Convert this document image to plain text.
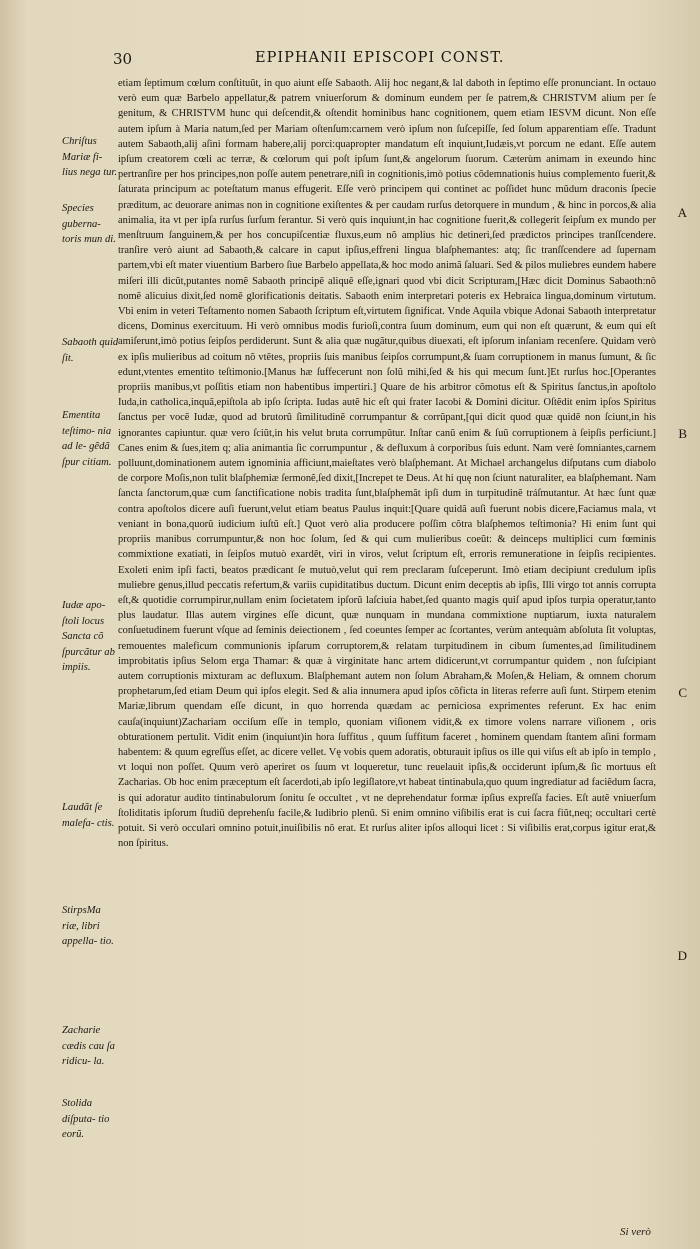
30	EPIPHANII EPISCOPI CONST.
Chriſtus Mariæ fi- lius nega tur.
Species guberna- toris mun di.
Sabaoth quid ſit.
Ementita teſtimo- nia ad le- gẽdã ſpur citiam.
Iudæ apo- ſtoli locus Sancta cõ ſpurcãtur ab impiis.
Laudãt ſe malefa- ctis.
StirpsMa riæ, libri appella- tio.
Zacharie cædis cau ſa ridicu- la.
Stolida diſputa- tio eorũ.

etiam ſeptimum cœlum conſtituũt, in quo aiunt eſſe Sabaoth. Alij hoc negant,& lal daboth in ſeptimo eſſe pronunciant. In octauo verò eum quæ Barbelo appellatur,& patrem vniuerſorum & dominum eundem per ſe patrem,& CHRISTVM alium per ſe genitum, & CHRISTVM hunc qui deſcendit,& oſtendit hominibus hanc cognitionem, quem etiam IESVM dicunt. Non eſſe autem ipſum à Maria natum,ſed per Mariam oſtenſum:carnem verò ipſum non ſuſcepiſſe, ſed ſolum apparentiam eſſe. Tradunt autem Sabaoth,alij aſini formam habere,alij porci:quapropter mandatum eſt inquiunt,Iudæis,vt porcum ne edant. Eſſe autem ipſum creatorem cœli ac terræ, & cœlorum qui poſt ipſum ſunt,& angelorum ſuorum. Cæterùm animam in exeundo hinc pertranſire per hos principes,non poſſe autem penetrare,niſi in cognitionis,imò potius cõdemnationis huius complemento fuerit,& ſaturata principum ac poteſtatum manus effugerit. Eſſe verò principem qui continet ac poſſidet hunc mũdum draconis ſpecie præditum, ac deuorare animas non in cognitione exiſtentes & per caudam rurſus detorquere in mundum , & hinc in porcos,& alia animalia, ita vt per ipſa rurſus ſurſum ferantur. Si verò quis inquiunt,in hac cognitione fuerit,& collegerit ſeipſum ex mundo per menſtruum ſanguinem,& per hos concupiſcentiæ fluxus,eum nõ amplius hic detineri,ſed prædictos principes tranſſcendere. tranſire verò aiunt ad Sabaoth,& calcare in caput ipſius,effreni lingua blaſphemantes: atq; ſic tranſſcendere ad ſupernam partem,vbi eſt mater viuentium Barbero ſiue Barbelo appellata,& hoc modo animã ſaluari. Sed & pilos muliebres eundem habere miſeri illi dicũt,putantes nomẽ Sabaoth principẽ aliquẽ eſſe,ignari quod vbi dicit Scripturam,[Hæc dicit Dominus Sabaoth:nõ nomẽ alicuius dixit,ſed nomẽ glorificationis deitatis. Sabaoth enim interpretari poteris ex Hebraica lingua,dominum virtutum. Vbi enim in veteri Teſtamento nomen Sabaoth ſcriptum eſt,virtutem ſignificat. Vnde Aquila vbique Adonai Sabaoth interpretatur dicens, Dominus exercituum. Hi verò omnibus modis furioſi,contra ſuum dominum, eum qui non eſt quærunt, & eum qui eſt amiſerunt,imò potius ſeipſos perdiderunt. Sunt & alia quæ nugãtur,quibus diuexati, eſt ipſorum inſaniam recenſere. Quidam verò ex ipſis mulieribus ad coitum nõ vtẽtes, propriis ſuis manibus ſeipſos corrumpunt,& ſuam corruptionem in manus ſumunt, & ſic edunt,vtentes ementito teſtimonio.[Manus hæ ſuffecerunt non ſolũ mihi,ſed & his qui mecum ſunt.]Et rurſus hoc.[Operantes propriis manibus,vt poſſitis etiam non habentibus impertiri.] Quare de his arbitror cõmotus eſt & Spiritus ſanctus,in apoſtolo Iuda,in catholica,inquã,epiſtola ab ipſo ſcripta. Iudas autẽ hic eſt qui frater Iacobi & Domini dicitur. Oſtẽdit enim ipſos Spiritus ſanctus per vocẽ Iudæ, quod ad brutorũ ſimilitudinẽ corrumpantur & corrũpant,[qui dicit quod quæ quidẽ non ſciunt,in his ignorantes capiuntur. quæ vero ſciũt,in his velut bruta corrumpũtur. Inſtar canũ enim & ſuũ corruptionem à ſeipſis perficiunt.] Canes enim & ſues,item q; alia animantia ſic corrumpuntur , & defluxum à corporibus ſuis edunt. Nam verè ſomniantes,carnem polluunt,dominationem autem ignominia afficiunt,maieſtates verò blaſphemant. At Michael archangelus diſputans cum diabolo de corpore Moſis,non tulit blaſphemiæ ſermonẽ,ſed dixit,[Increpet te Deus. At hi quę non ſciunt naturaliter, ea blaſphemant. Nam ſancta ſanctorum,quæ cum ſanctificatione nobis tradita ſunt,blaſphemãt ipſi dum in turpitudinẽ tráſmutantur. At hæc ſunt quæ contra apoſtolos dicere auſi fuerunt,velut etiam beatus Paulus inquit:[Quare quidã auſi fuerunt nobis dicere,Faciamus mala, vt veniant in bona,quorũ iudicium iuſtũ eſt.] Quot verò alia producere poſſim cõtra blaſphemos teſtimonia? Hi enim ſunt qui propriis manibus corrumpuntur,& non hoc ſolum, ſed & qui cum mulieribus coeũt: & deinceps multiplici cum fœminis commixtione exatiati, in ſeipſos mutuò exardẽt, viri in viros, velut ſcriptum eſt, erroris remuneratione in ſeipſis recipientes. Exoleti enim ipſi facti, beatos prædicant ſe mutuò,velut qui rem preclaram ſuſceperunt. Imò etiam decipiunt credulum ipſis muliebre genus,illud peccatis refertum,& variis cupiditatibus ductum. Dicunt enim deceptis ab ipſis, Illi virgo tot annis corrupta eſt,& quotidie corrumpirur,nullam enim ſocietatem ipſorũ laſciuia habet,ſed quanto magis quiſ apud ipſos turpia operatur,tanto plus laudatur. Illas autem virgines eſſe dicunt, quæ nunquam in mundana commixtione nuptiarum, iuxta naturalem conſuetudinem fuerunt vſque ad ſeminis deiectionem , ſed coeuntes ſemper ac ſcortantes, verùm antequàm abſoluta ſit voluptas, remouentes maleficum communionis ipſarum corruptorem,& relatam turpitudinem in cibum ſumentes,ad ſimilitudinem improbitatis ipſius Selom erga Thamar: & quæ à virginitate hanc artem didicerunt,vt corrumpantur quidem , non ſuſcipiant autem corruptionis mixturam ac defluxum. Blaſphemant autem non ſolum Abraham,& Moſen,& Heliam, & omnem chorum prophetarum,ſed etiam Deum qui ipſos elegit. Sed & alia innumera apud ipſos cõficta in literas referre auſi ſunt. Stirpem etenim Mariæ,librum quendam eſſe dicunt, in quo horrenda quædam ac perniciosa exprimentes referunt. Ex hac enim cauſa(inquiunt)Zachariam occiſum eſſe in templo, quoniam viſionem vidit,& ex timore volens narrare viſionem , oris obturationem pertulit. Vidit enim (inquiunt)in hora ſuffitus , quum ſuffitum faceret , hominem quendam ſtantem aſini formam habentem: & quum egreſſus eſſet, ac dicere vellet. Vę vobis quem adoratis, obturauit ipſius os ille qui viſus eſt ab ipſo in templo , vt loqui non poſſet. Quum verò aperiret os ſuum vt loqueretur, tunc reuelauit ipſis,& occiderunt ipſum,& ſic mortuus eſt Zacharias. Ob hoc enim præceptum eſt ſacerdoti,ab ipſo legiſlatore,vt habeat tintinabula,quo quum ingrediatur ad faciẽdum ſacra, is qui adoratur audito tintinabulorum ſonitu ſe occultet , vt ne deprehendatur formæ ipſius expreſſa facies. Eſt autẽ vniuerſum ſtoliditatis ipſorum ſtudiũ deprehenſu facile,& ludibrio plenũ. Si enim omnino viſibilis erat is cui ſacra fiũt,neq; occultari certè potuit. Si verò occulari omnino potuit,inuiſibilis nõ erat. Et rurſus aliter ipſos alloqui licet : Si viſibilis erat,corpus igitur erat,& non ſpiritus.

A
B
C
D
Si verò
